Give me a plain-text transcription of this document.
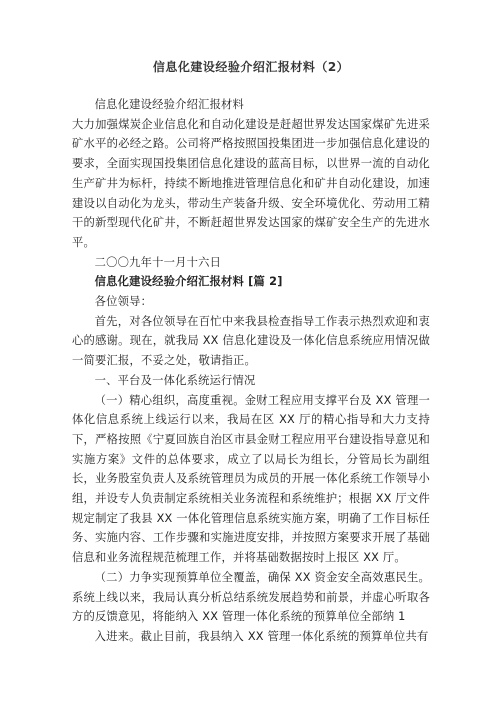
信息化建设经验介绍汇报材料（2）

信息化建设经验介绍汇报材料

大力加强煤炭企业信息化和自动化建设是赶超世界发达国家煤矿先进采矿水平的必经之路。公司将严格按照国投集团进一步加强信息化建设的要求，全面实现国投集团信息化建设的蓝高目标，以世界一流的自动化生产矿井为标杆，持续不断地推进管理信息化和矿井自动化建设，加速建设以自动化为龙头，带动生产装备升级、安全环境优化、劳动用工精干的新型现代化矿井，不断赶超世界发达国家的煤矿安全生产的先进水平。

二〇〇九年十一月十六日

信息化建设经验介绍汇报材料 [篇 2]

各位领导：

首先，对各位领导在百忙中来我县检查指导工作表示热烈欢迎和衷心的感谢。现在，就我局 XX 信息化建设及一体化信息系统应用情况做一简要汇报，不妥之处，敬请指正。

一、平台及一体化系统运行情况

（一）精心组织，高度重视。金财工程应用支撑平台及 XX 管理一体化信息系统上线运行以来，我局在区 XX 厅的精心指导和大力支持下，严格按照《宁夏回族自治区市县金财工程应用平台建设指导意见和实施方案》文件的总体要求，成立了以局长为组长，分管局长为副组长，业务股室负责人及系统管理员为成员的开展一体化系统工作领导小组，并设专人负责制定系统相关业务流程和系统维护；根据 XX 厅文件规定制定了我县 XX 一体化管理信息系统实施方案，明确了工作目标任务、实施内容、工作步骤和实施进度安排，并按照方案要求开展了基础信息和业务流程规范梳理工作，并将基础数据按时上报区 XX 厅。

（二）力争实现预算单位全覆盖，确保 XX 资金安全高效惠民生。系统上线以来，我局认真分析总结系统发展趋势和前景，并虚心听取各方的反馈意见，将能纳入 XX 管理一体化系统的预算单位全部纳 1

入进来。截止目前，我县纳入 XX 管理一体化系统的预算单位共有
